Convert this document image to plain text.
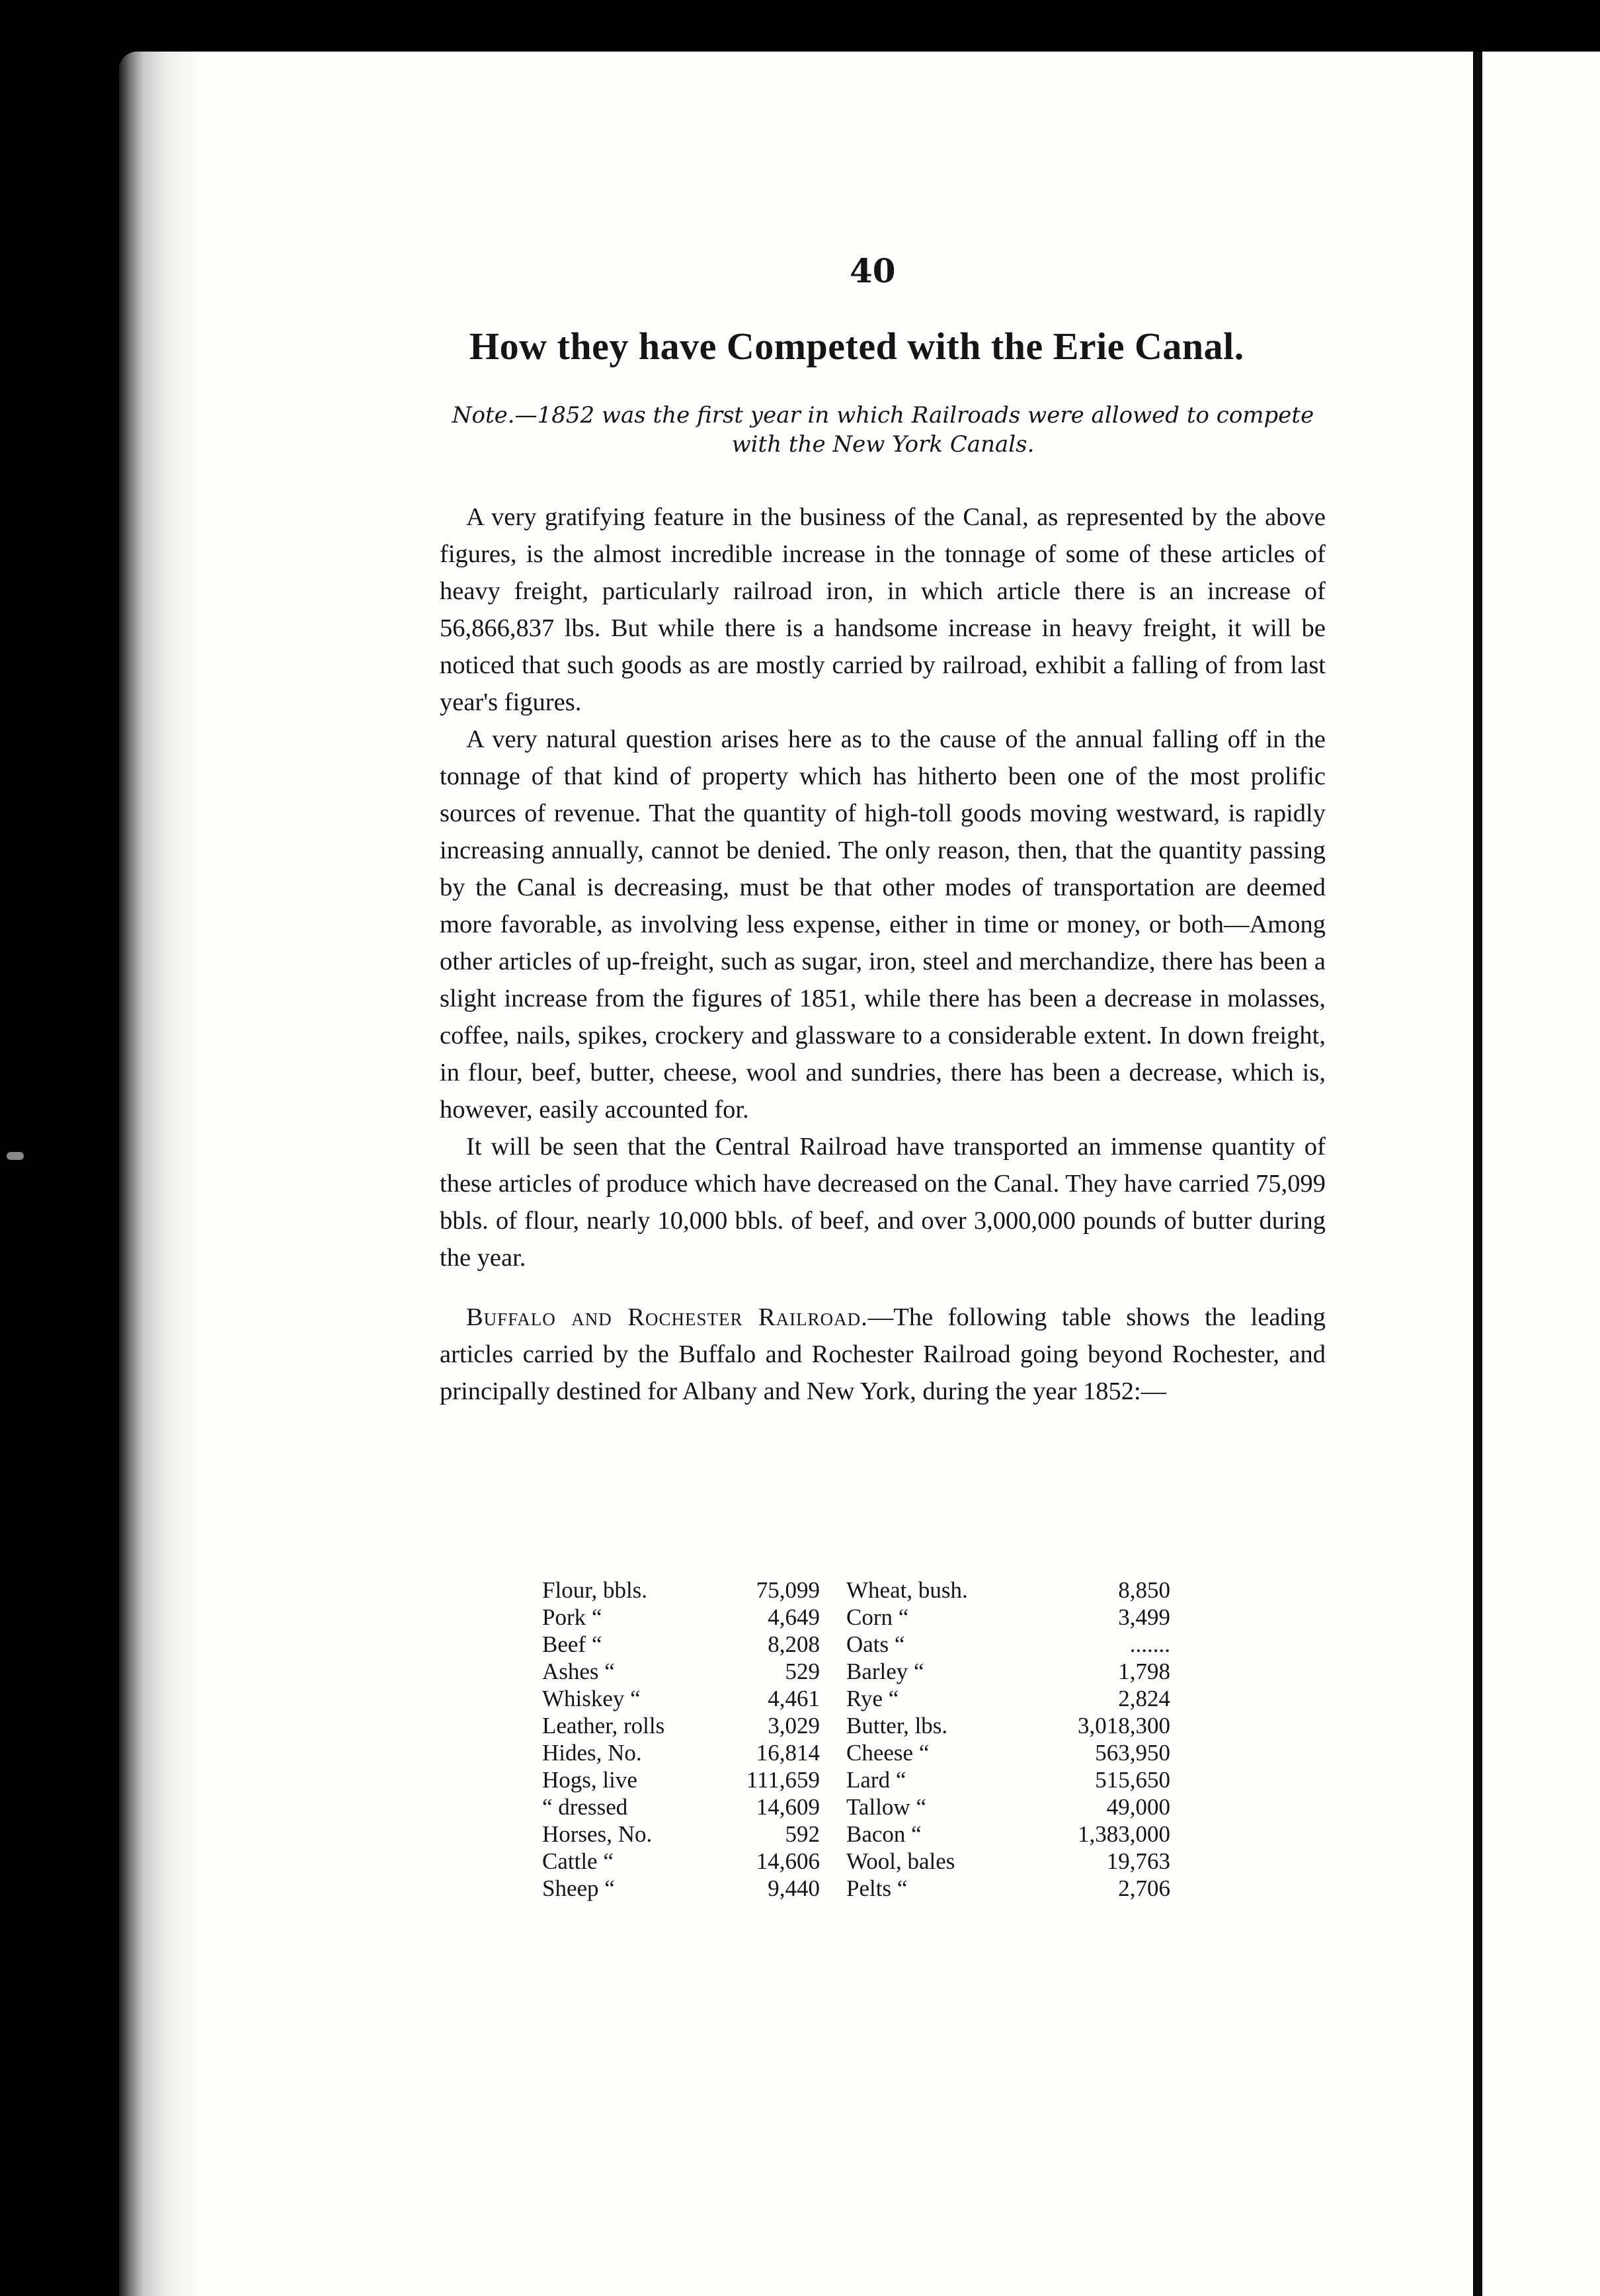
40
How they have Competed with the Erie Canal.
Note.—1852 was the first year in which Railroads were allowed to compete
with the New York Canals.

A very gratifying feature in the business of the Canal, as represented by the above figures, is the almost incredible increase in the tonnage of some of these articles of heavy freight, particularly railroad iron, in which article there is an increase of 56,866,837 lbs. But while there is a handsome increase in heavy freight, it will be noticed that such goods as are mostly carried by railroad, exhibit a falling of from last year's figures.

A very natural question arises here as to the cause of the annual falling off in the tonnage of that kind of property which has hitherto been one of the most prolific sources of revenue. That the quantity of high-toll goods moving westward, is rapidly increasing annually, cannot be denied. The only reason, then, that the quantity passing by the Canal is decreasing, must be that other modes of transportation are deemed more favorable, as involving less expense, either in time or money, or both—Among other articles of up-freight, such as sugar, iron, steel and merchandize, there has been a slight increase from the figures of 1851, while there has been a decrease in molasses, coffee, nails, spikes, crockery and glassware to a considerable extent. In down freight, in flour, beef, butter, cheese, wool and sundries, there has been a decrease, which is, however, easily accounted for.

It will be seen that the Central Railroad have transported an immense quantity of these articles of produce which have decreased on the Canal. They have carried 75,099 bbls. of flour, nearly 10,000 bbls. of beef, and over 3,000,000 pounds of butter during the year.

Buffalo and Rochester Railroad.—The following table shows the leading articles carried by the Buffalo and Rochester Railroad going beyond Rochester, and principally destined for Albany and New York, during the year 1852:—

Flour, bbls.	75,099	Wheat, bush.	8,850
Pork “	4,649	Corn “	3,499
Beef “	8,208	Oats “	.......
Ashes “	529	Barley “	1,798
Whiskey “	4,461	Rye “	2,824
Leather, rolls	3,029	Butter, lbs.	3,018,300
Hides, No.	16,814	Cheese “	563,950
Hogs, live	111,659	Lard “	515,650
“ dressed	14,609	Tallow “	49,000
Horses, No.	592	Bacon “	1,383,000
Cattle “	14,606	Wool, bales	19,763
Sheep “	9,440	Pelts “	2,706
